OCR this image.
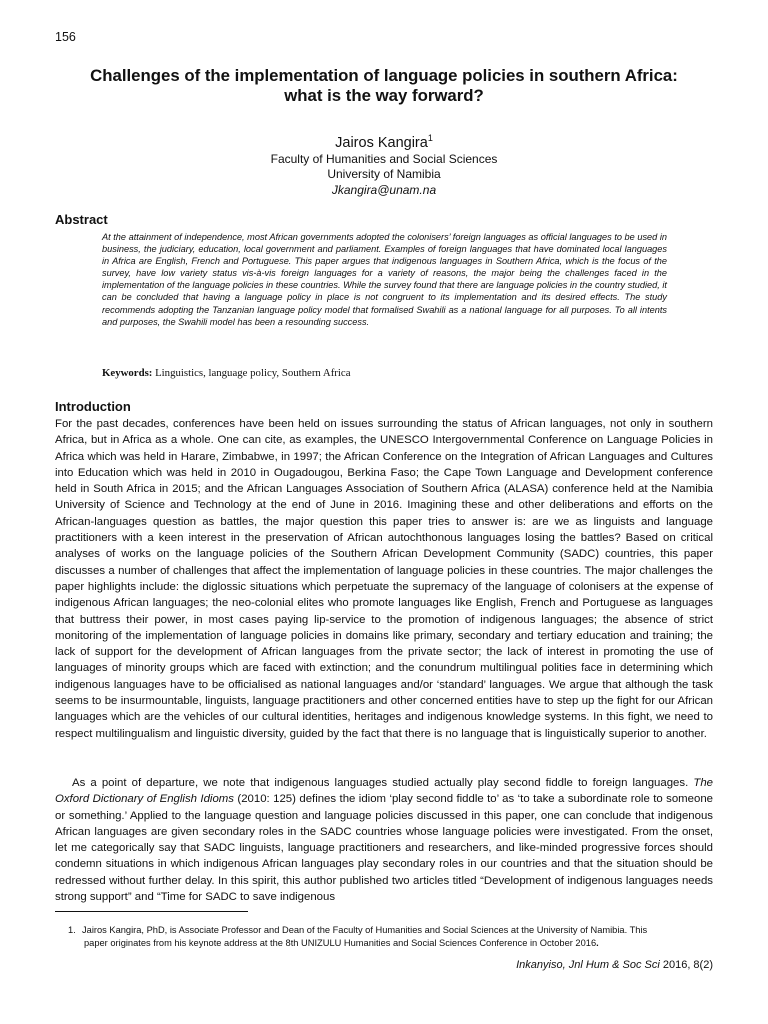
156
Challenges of the implementation of language policies in southern Africa:
what is the way forward?
Jairos Kangira$^1$
Faculty of Humanities and Social Sciences
University of Namibia
Jkangira@unam.na
Abstract

At the attainment of independence, most African governments adopted the colonisers’ foreign languages as official languages to be used in business, the judiciary, education, local government and parliament. Examples of foreign languages that have dominated local languages in Africa are English, French and Portuguese. This paper argues that indigenous languages in Southern Africa, which is the focus of the survey, have low variety status vis-à-vis foreign languages for a variety of reasons, the major being the challenges faced in the implementation of the language policies in these countries. While the survey found that there are language policies in the country studied, it can be concluded that having a language policy in place is not congruent to its implementation and its desired effects. The study recommends adopting the Tanzanian language policy model that formalised Swahili as a national language for all purposes. To all intents and purposes, the Swahili model has been a resounding success.

Keywords: Linguistics, language policy, Southern Africa
Introduction

For the past decades, conferences have been held on issues surrounding the status of African languages, not only in southern Africa, but in Africa as a whole. One can cite, as examples, the UNESCO Intergovernmental Conference on Language Policies in Africa which was held in Harare, Zimbabwe, in 1997; the African Conference on the Integration of African Languages and Cultures into Education which was held in 2010 in Ougadougou, Berkina Faso; the Cape Town Language and Development conference held in South Africa in 2015; and the African Languages Association of Southern Africa (ALASA) conference held at the Namibia University of Science and Technology at the end of June in 2016. Imagining these and other deliberations and efforts on the African-languages question as battles, the major question this paper tries to answer is: are we as linguists and language practitioners with a keen interest in the preservation of African autochthonous languages losing the battles? Based on critical analyses of works on the language policies of the Southern African Development Community (SADC) countries, this paper discusses a number of challenges that affect the implementation of language policies in these countries. The major challenges the paper highlights include: the diglossic situations which perpetuate the supremacy of the language of colonisers at the expense of indigenous African languages; the neo-colonial elites who promote languages like English, French and Portuguese as languages that buttress their power, in most cases paying lip-service to the promotion of indigenous languages; the absence of strict monitoring of the implementation of language policies in domains like primary, secondary and tertiary education and training; the lack of support for the development of African languages from the private sector; the lack of interest in promoting the use of languages of minority groups which are faced with extinction; and the conundrum multilingual polities face in determining which indigenous languages have to be officialised as national languages and/or ‘standard’ languages. We argue that although the task seems to be insurmountable, linguists, language practitioners and other concerned entities have to step up the fight for our African languages which are the vehicles of our cultural identities, heritages and indigenous knowledge systems. In this fight, we need to respect multilingualism and linguistic diversity, guided by the fact that there is no language that is linguistically superior to another.

As a point of departure, we note that indigenous languages studied actually play second fiddle to foreign languages. The Oxford Dictionary of English Idioms (2010: 125) defines the idiom ‘play second fiddle to’ as ‘to take a subordinate role to someone or something.’ Applied to the language question and language policies discussed in this paper, one can conclude that indigenous African languages are given secondary roles in the SADC countries whose language policies were investigated. From the onset, let me categorically say that SADC linguists, language practitioners and researchers, and like-minded progressive forces should condemn situations in which indigenous African languages play secondary roles in our countries and that the situation should be redressed without further delay. In this spirit, this author published two articles titled “Development of indigenous languages needs strong support” and “Time for SADC to save indigenous

1. Jairos Kangira, PhD, is Associate Professor and Dean of the Faculty of Humanities and Social Sciences at the University of Namibia. This
paper originates from his keynote address at the 8th UNIZULU Humanities and Social Sciences Conference in October 2016.
Inkanyiso, Jnl Hum & Soc Sci 2016, 8(2)
